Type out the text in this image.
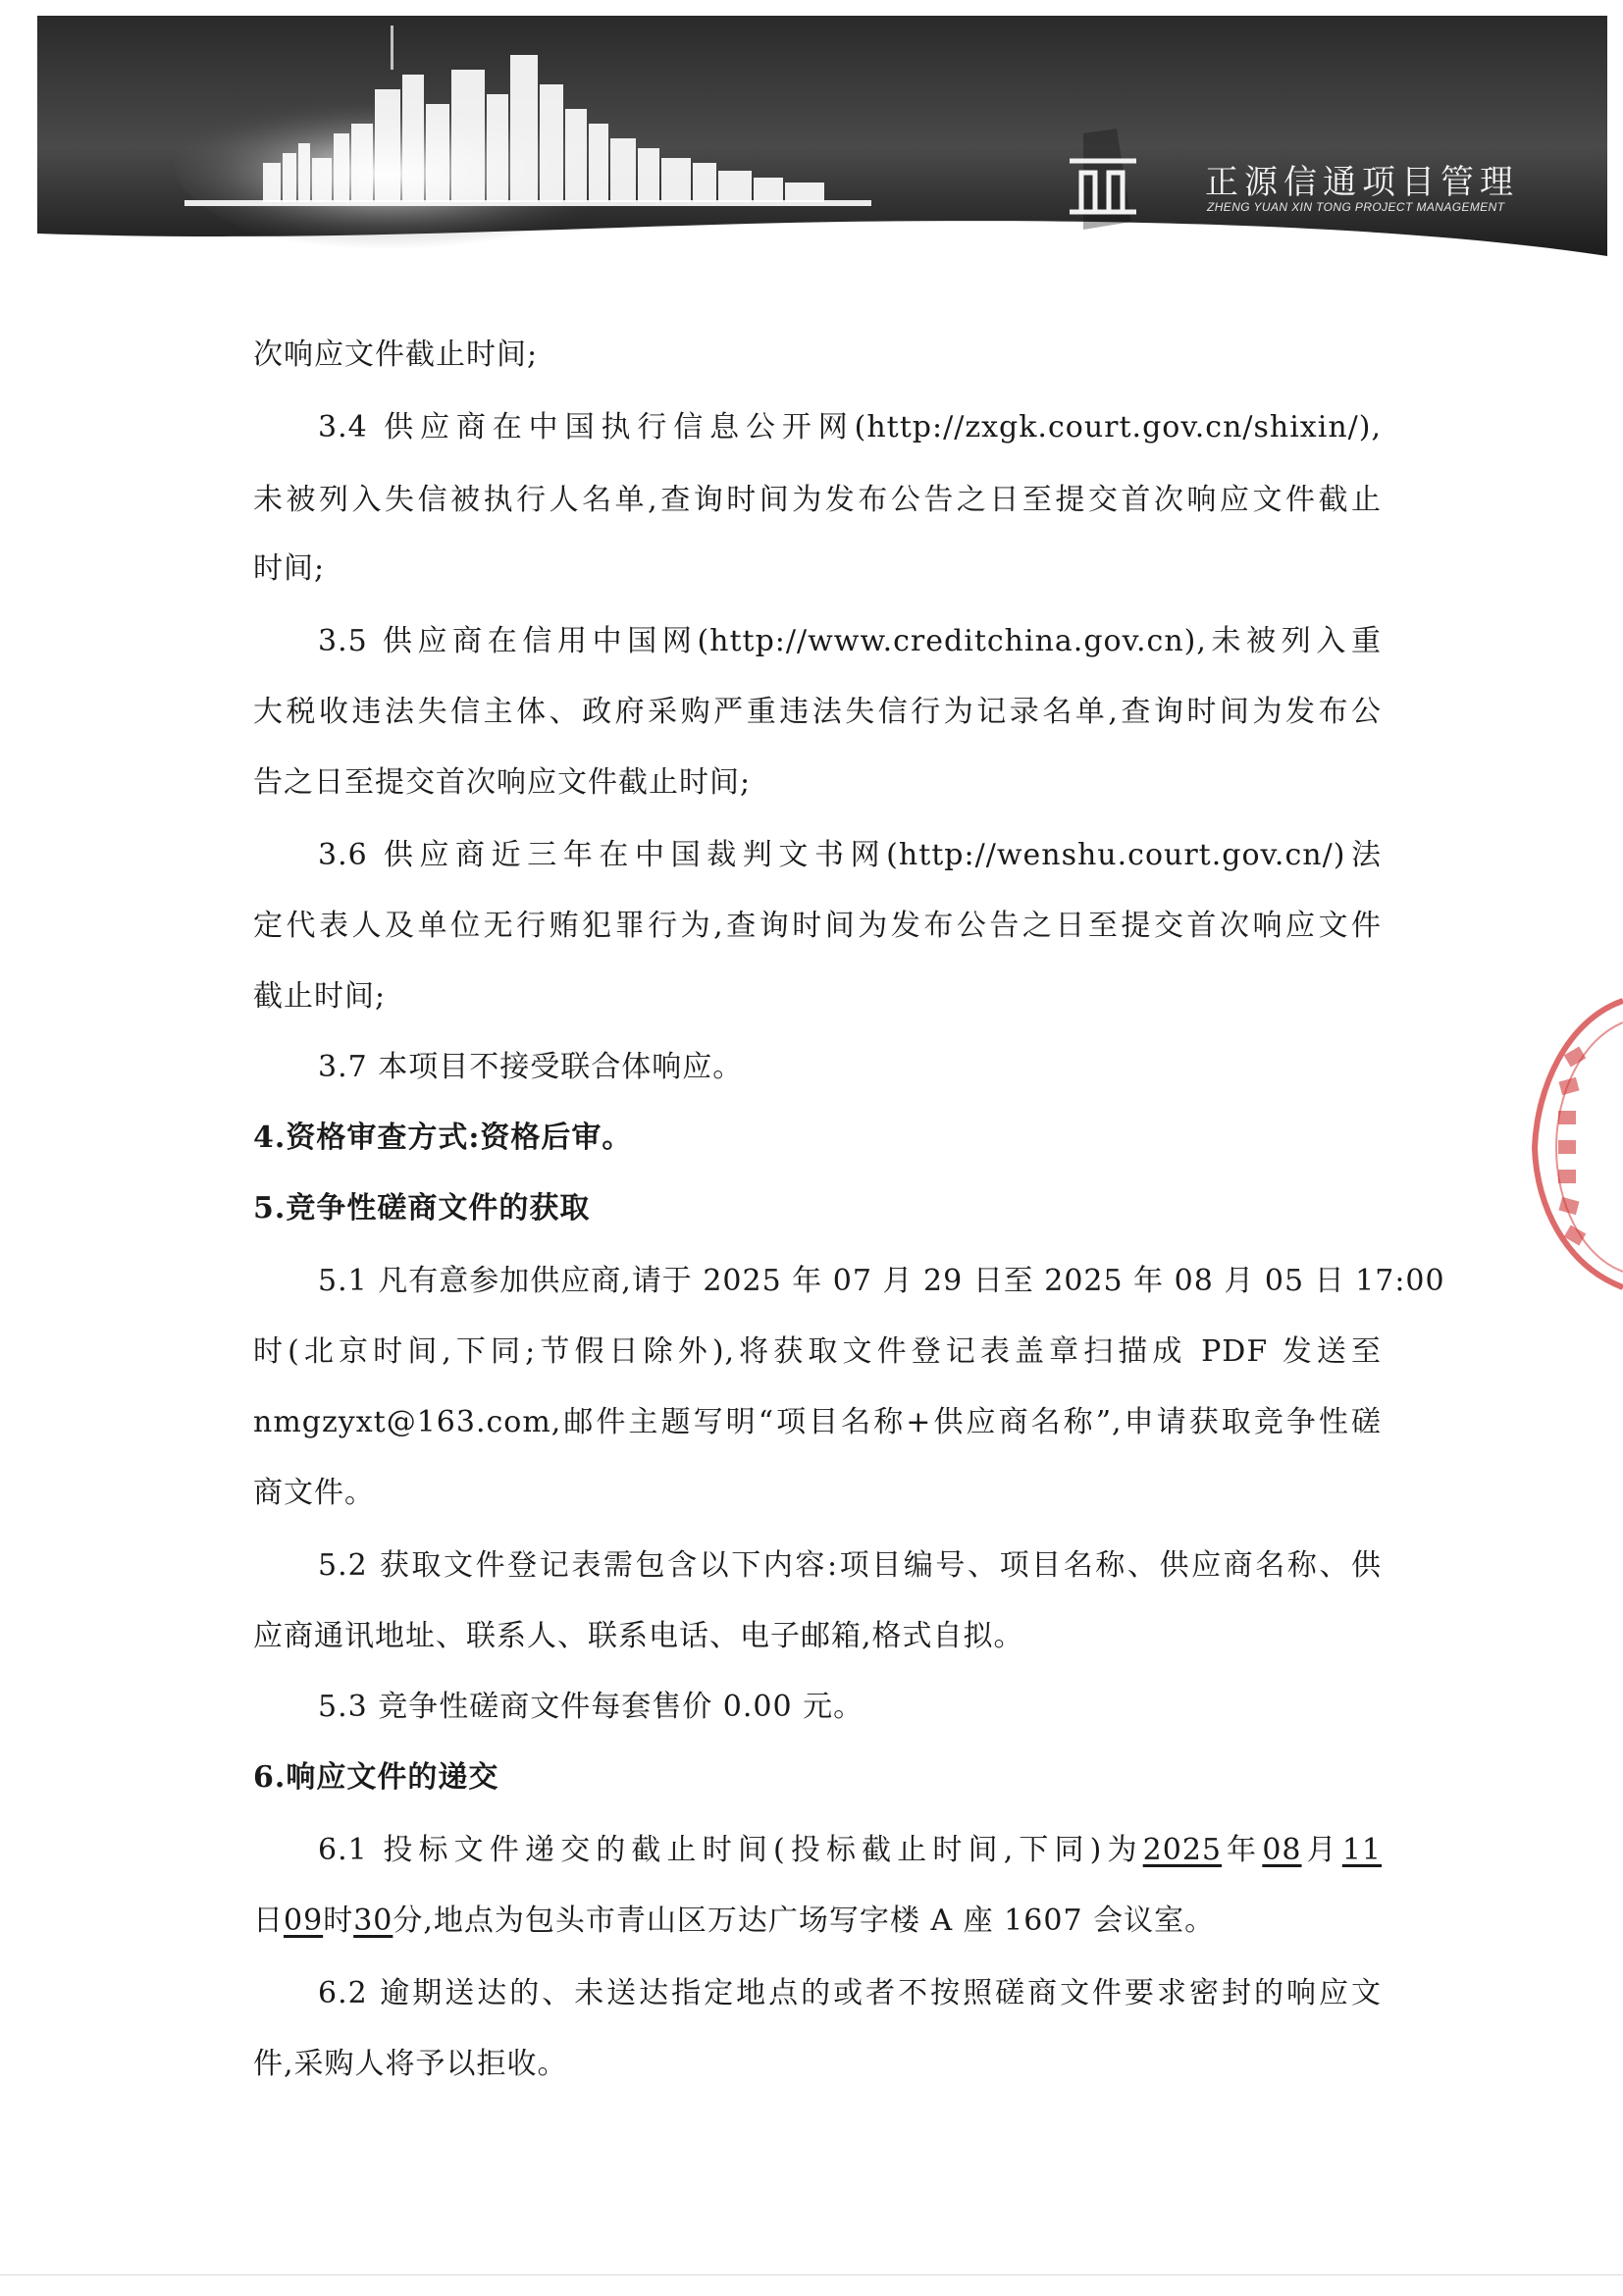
正源信通项目管理
ZHENG YUAN XIN TONG PROJECT MANAGEMENT
次响应文件截止时间;
3.4 供应商在中国执行信息公开网(http://zxgk.court.gov.cn/shixin/),
未被列入失信被执行人名单,查询时间为发布公告之日至提交首次响应文件截止
时间;
3.5 供应商在信用中国网(http://www.creditchina.gov.cn),未被列入重
大税收违法失信主体、政府采购严重违法失信行为记录名单,查询时间为发布公
告之日至提交首次响应文件截止时间;
3.6 供应商近三年在中国裁判文书网(http://wenshu.court.gov.cn/)法
定代表人及单位无行贿犯罪行为,查询时间为发布公告之日至提交首次响应文件
截止时间;
3.7 本项目不接受联合体响应。
4.资格审查方式:资格后审。
5.竞争性磋商文件的获取
5.1 凡有意参加供应商,请于 2025 年 07 月 29 日至 2025 年 08 月 05 日 17:00
时(北京时间,下同;节假日除外),将获取文件登记表盖章扫描成 PDF 发送至
nmgzyxt@163.com,邮件主题写明“项目名称+供应商名称”,申请获取竞争性磋
商文件。
5.2 获取文件登记表需包含以下内容:项目编号、项目名称、供应商名称、供
应商通讯地址、联系人、联系电话、电子邮箱,格式自拟。
5.3 竞争性磋商文件每套售价 0.00 元。
6.响应文件的递交
6.1 投标文件递交的截止时间(投标截止时间,下同)为2025年08月11
日09时30分,地点为包头市青山区万达广场写字楼 A 座 1607 会议室。
6.2 逾期送达的、未送达指定地点的或者不按照磋商文件要求密封的响应文
件,采购人将予以拒收。
